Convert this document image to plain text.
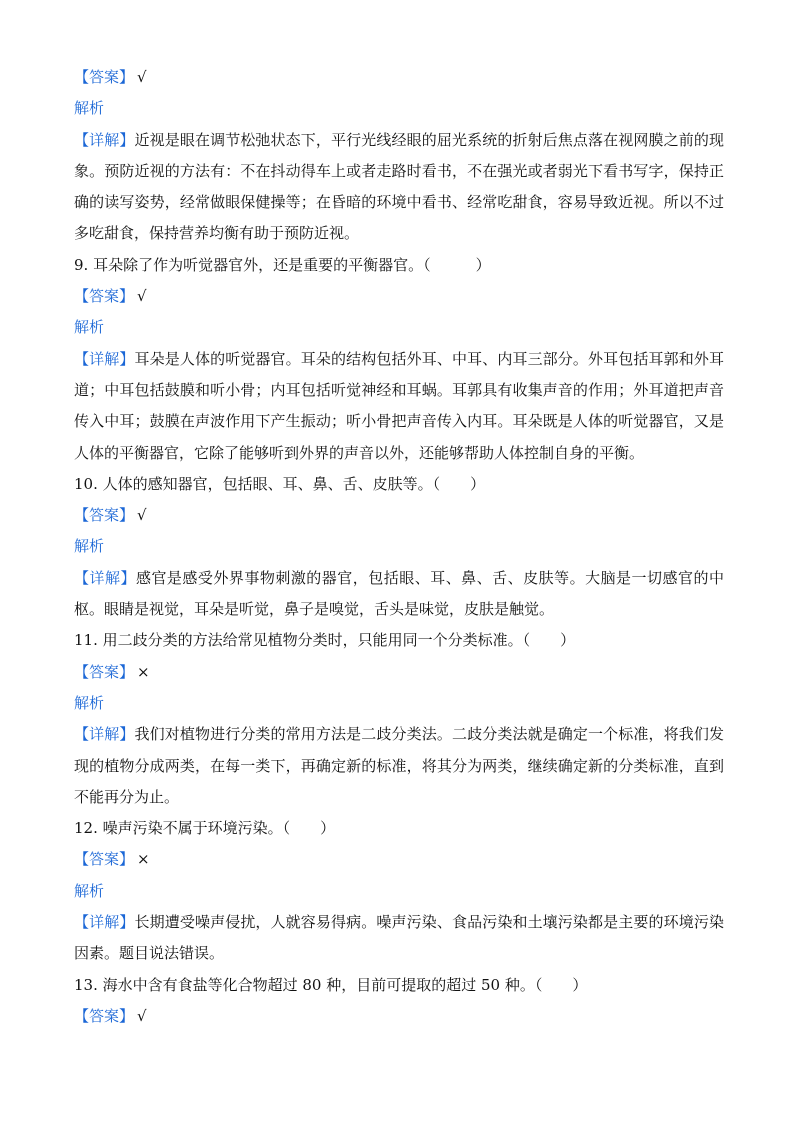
【答案】 √
解析
【详解】近视是眼在调节松弛状态下，平行光线经眼的屈光系统的折射后焦点落在视网膜之前的现象。预防近视的方法有：不在抖动得车上或者走路时看书，不在强光或者弱光下看书写字，保持正确的读写姿势，经常做眼保健操等；在昏暗的环境中看书、经常吃甜食，容易导致近视。所以不过多吃甜食，保持营养均衡有助于预防近视。
9. 耳朵除了作为听觉器官外，还是重要的平衡器官。（　　　）
【答案】 √
解析
【详解】耳朵是人体的听觉器官。耳朵的结构包括外耳、中耳、内耳三部分。外耳包括耳郭和外耳道；中耳包括鼓膜和听小骨；内耳包括听觉神经和耳蜗。耳郭具有收集声音的作用；外耳道把声音传入中耳；鼓膜在声波作用下产生振动；听小骨把声音传入内耳。耳朵既是人体的听觉器官，又是人体的平衡器官，它除了能够听到外界的声音以外，还能够帮助人体控制自身的平衡。
10. 人体的感知器官，包括眼、耳、鼻、舌、皮肤等。（　　）
【答案】 √
解析
【详解】感官是感受外界事物刺激的器官，包括眼、耳、鼻、舌、皮肤等。大脑是一切感官的中枢。眼睛是视觉，耳朵是听觉，鼻子是嗅觉，舌头是味觉，皮肤是触觉。
11. 用二歧分类的方法给常见植物分类时，只能用同一个分类标准。（　　）
【答案】 ×
解析
【详解】我们对植物进行分类的常用方法是二歧分类法。二歧分类法就是确定一个标准，将我们发现的植物分成两类，在每一类下，再确定新的标准，将其分为两类，继续确定新的分类标准，直到不能再分为止。
12. 噪声污染不属于环境污染。（　　）
【答案】 ×
解析
【详解】长期遭受噪声侵扰，人就容易得病。噪声污染、食品污染和土壤污染都是主要的环境污染因素。题目说法错误。
13. 海水中含有食盐等化合物超过 80 种，目前可提取的超过 50 种。（　　）
【答案】 √
